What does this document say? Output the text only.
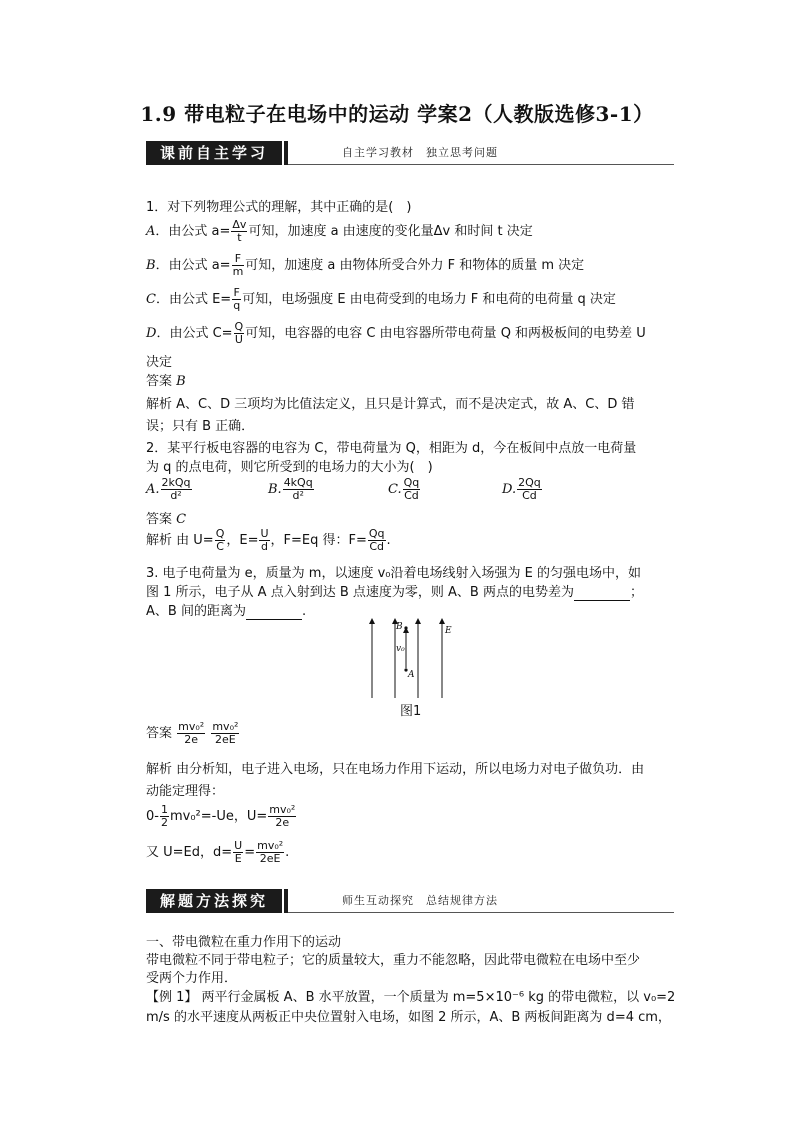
1.9 带电粒子在电场中的运动 学案2（人教版选修3-1）
课前自主学习	自主学习教材　独立思考问题
1．对下列物理公式的理解，其中正确的是(　)
A．由公式 $a= \frac{\Delta v}{t}$ 可知，加速度 a 由速度的变化量Δv 和时间 t 决定
B．由公式 $a= \frac{F}{m}$ 可知，加速度 a 由物体所受合外力 F 和物体的质量 m 决定
C．由公式 $E= \frac{F}{q}$ 可知，电场强度 E 由电荷受到的电场力 F 和电荷的电荷量 q 决定
D．由公式 $C= \frac{Q}{U}$ 可知，电容器的电容 C 由电容器所带电荷量 Q 和两极板间的电势差 U
决定
答案 B
解析 A、C、D 三项均为比值法定义，且只是计算式，而不是决定式，故 A、C、D 错
误；只有 B 正确．
2．某平行板电容器的电容为 C，带电荷量为 Q，相距为 d，今在板间中点放一电荷量
为 q 的点电荷，则它所受到的电场力的大小为(　)
A. $\frac{\text{2kQq}}{\text{d²}}$	B. $\frac{\text{4kQq}}{\text{d²}}$	C. $\frac{Qq}{Cd}$	D. $\frac{2Qq}{Cd}$
答案 C
解析 由 $U= \frac{Q}{C}$ ，$E= \frac{U}{d}$ ，F=Eq 得：$F= \frac{Qq}{Cd}$ .
3. 电子电荷量为 e，质量为 m，以速度 v₀沿着电场线射入场强为 E 的匀强电场中，如
图 1 所示，电子从 A 点入射到达 B 点速度为零，则 A、B 两点的电势差为	；
A、B 间的距离为	.
B
v₀
A
E
图1
答案 $\frac{\text{mv₀²}}{2e}$
$\frac{\text{mv₀²}}{2eE}$
解析 由分析知，电子进入电场，只在电场力作用下运动，所以电场力对电子做负功．由
动能定理得：
$0- \frac{1}{2} mv_0^2=-Ue$，$U= \frac{\text{mv₀²}}{2e}$
又 U=Ed，$d= \frac{U}{E} = \frac{\text{mv₀²}}{2eE}$ .
解题方法探究	师生互动探究　总结规律方法
一、带电微粒在重力作用下的运动
带电微粒不同于带电粒子；它的质量较大，重力不能忽略，因此带电微粒在电场中至少
受两个力作用．
【例 1】 两平行金属板 A、B 水平放置，一个质量为 m=5×10⁻⁶ kg 的带电微粒，以 v₀=2
m/s 的水平速度从两板正中央位置射入电场，如图 2 所示，A、B 两板间距离为 d=4 cm，
